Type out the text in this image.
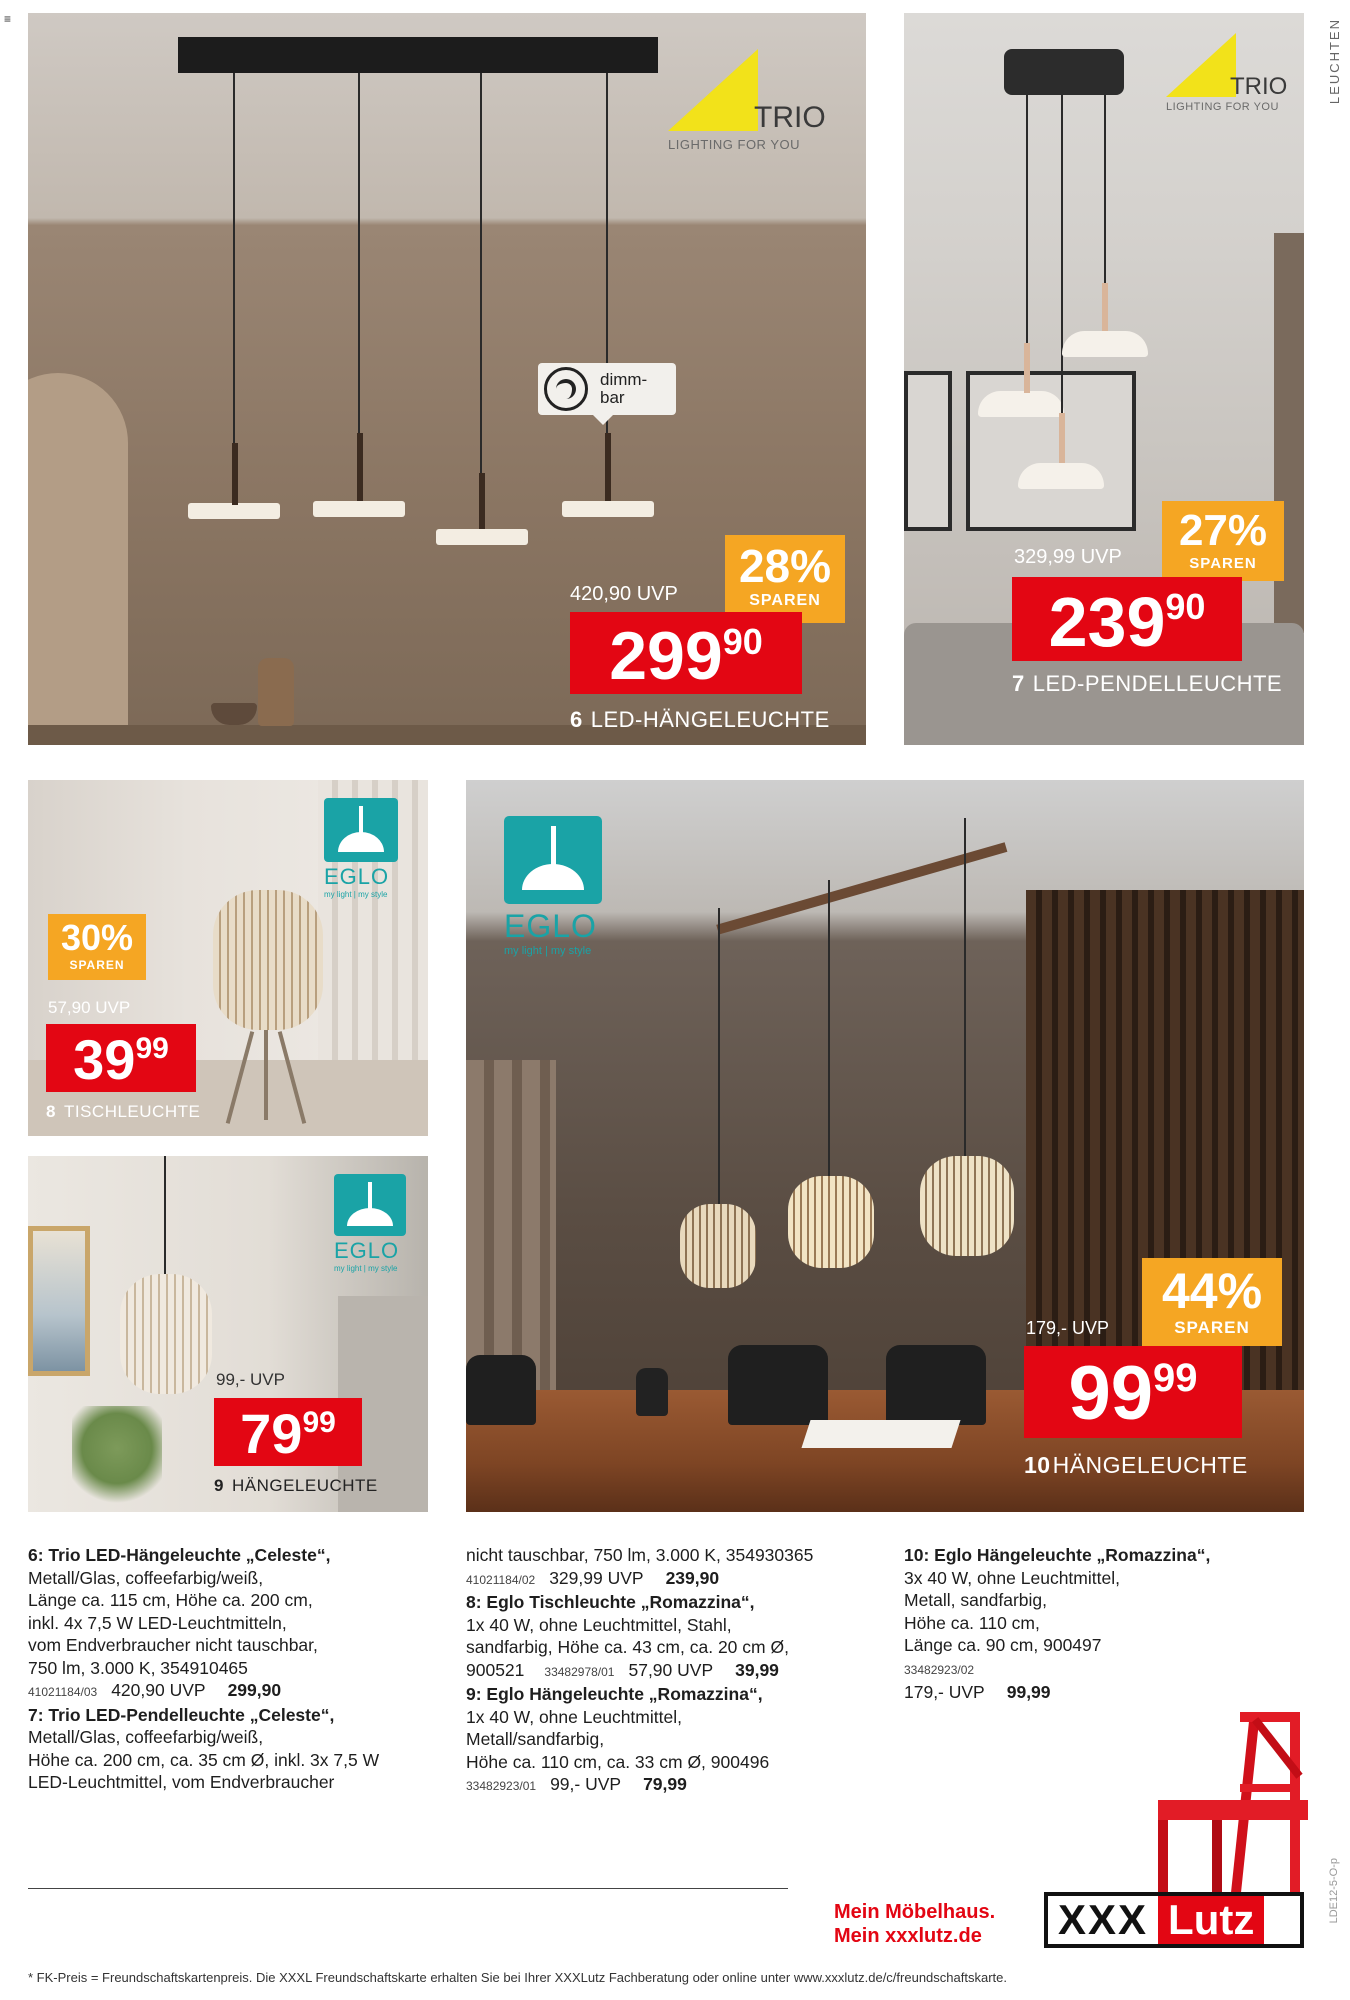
≡
TRIO
LIGHTING FOR YOU
dimm-
bar
28%
SPAREN
420,90 UVP
29990
6 LED-HÄNGELEUCHTE
TRIO
LIGHTING FOR YOU
27%
SPAREN
329,99 UVP
23990
7 LED-PENDELLEUCHTE
LEUCHTEN
EGLO
my light | my style
30%
SPAREN
57,90 UVP
3999
8 TISCHLEUCHTE
EGLO
my light | my style
99,- UVP
7999
9 HÄNGELEUCHTE
EGLO
my light | my style
44%
SPAREN
179,- UVP
9999
10HÄNGELEUCHTE

6: Trio LED-Hängeleuchte „Celeste“,

Metall/Glas, coffeefarbig/weiß,

Länge ca. 115 cm, Höhe ca. 200 cm,

inkl. 4x 7,5 W LED-Leuchtmitteln,

vom Endverbraucher nicht tauschbar,

750 lm, 3.000 K, 354910465

41021184/03 420,90 UVP 299,90

7: Trio LED-Pendelleuchte „Celeste“,

Metall/Glas, coffeefarbig/weiß,

Höhe ca. 200 cm, ca. 35 cm Ø, inkl. 3x 7,5 W

LED-Leuchtmittel, vom Endverbraucher

nicht tauschbar, 750 lm, 3.000 K, 354930365

41021184/02 329,99 UVP 239,90

8: Eglo Tischleuchte „Romazzina“,

1x 40 W, ohne Leuchtmittel, Stahl,

sandfarbig, Höhe ca. 43 cm, ca. 20 cm Ø,

900521 33482978/01 57,90 UVP 39,99

9: Eglo Hängeleuchte „Romazzina“,

1x 40 W, ohne Leuchtmittel,

Metall/sandfarbig,

Höhe ca. 110 cm, ca. 33 cm Ø, 900496

33482923/01 99,- UVP 79,99

10: Eglo Hängeleuchte „Romazzina“,

3x 40 W, ohne Leuchtmittel,

Metall, sandfarbig,

Höhe ca. 110 cm,

Länge ca. 90 cm, 900497

33482923/02

179,- UVP 99,99

Mein Möbelhaus.
Mein xxxlutz.de	XXX Lutz	LDE12-5-O-p
* FK-Preis = Freundschaftskartenpreis. Die XXXL Freundschaftskarte erhalten Sie bei Ihrer XXXLutz Fachberatung oder online unter www.xxxlutz.de/c/freundschaftskarte.
